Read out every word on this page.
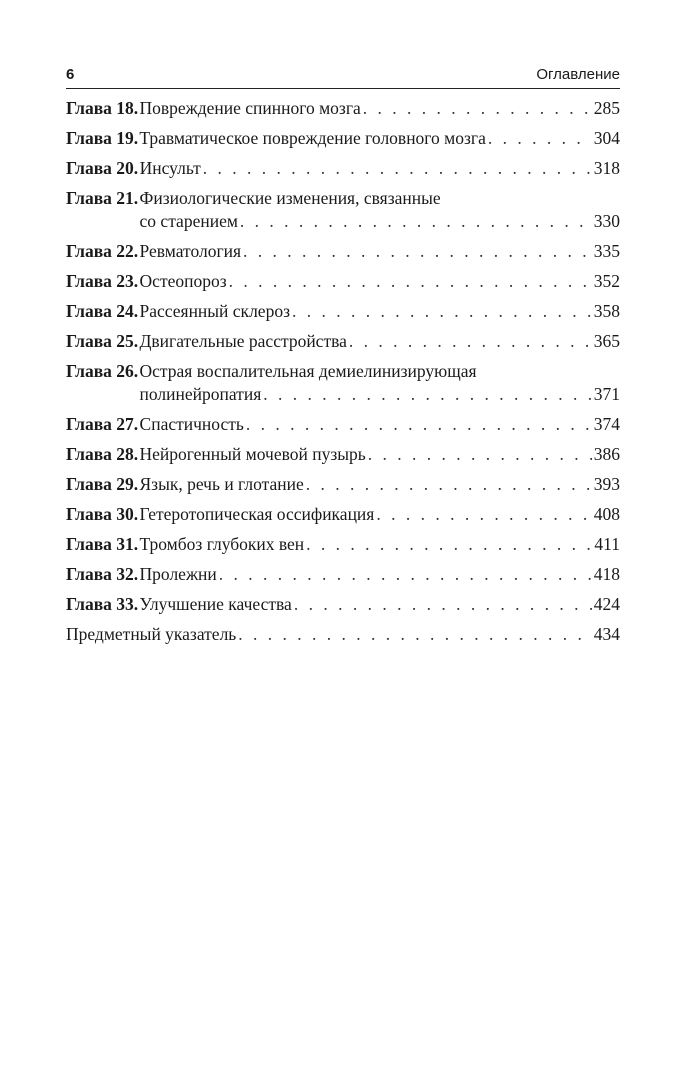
6	Оглавление
Глава 18. Повреждение спинного мозга . . .	285
Глава 19. Травматическое повреждение головного мозга . . .	304
Глава 20. Инсульт . . .	318
Глава 21. Физиологические изменения, связанные
со старением . . .	330
Глава 22. Ревматология . . .	335
Глава 23. Остеопороз . . .	352
Глава 24. Рассеянный склероз . . .	358
Глава 25. Двигательные расстройства . . .	365
Глава 26. Острая воспалительная демиелинизирующая
полинейропатия . . .	371
Глава 27. Спастичность . . .	374
Глава 28. Нейрогенный мочевой пузырь . . .	386
Глава 29. Язык, речь и глотание . . .	393
Глава 30. Гетеротопическая оссификация . . .	408
Глава 31. Тромбоз глубоких вен . . .	411
Глава 32. Пролежни . . .	418
Глава 33. Улучшение качества . . .	424
Предметный указатель . . .	434
